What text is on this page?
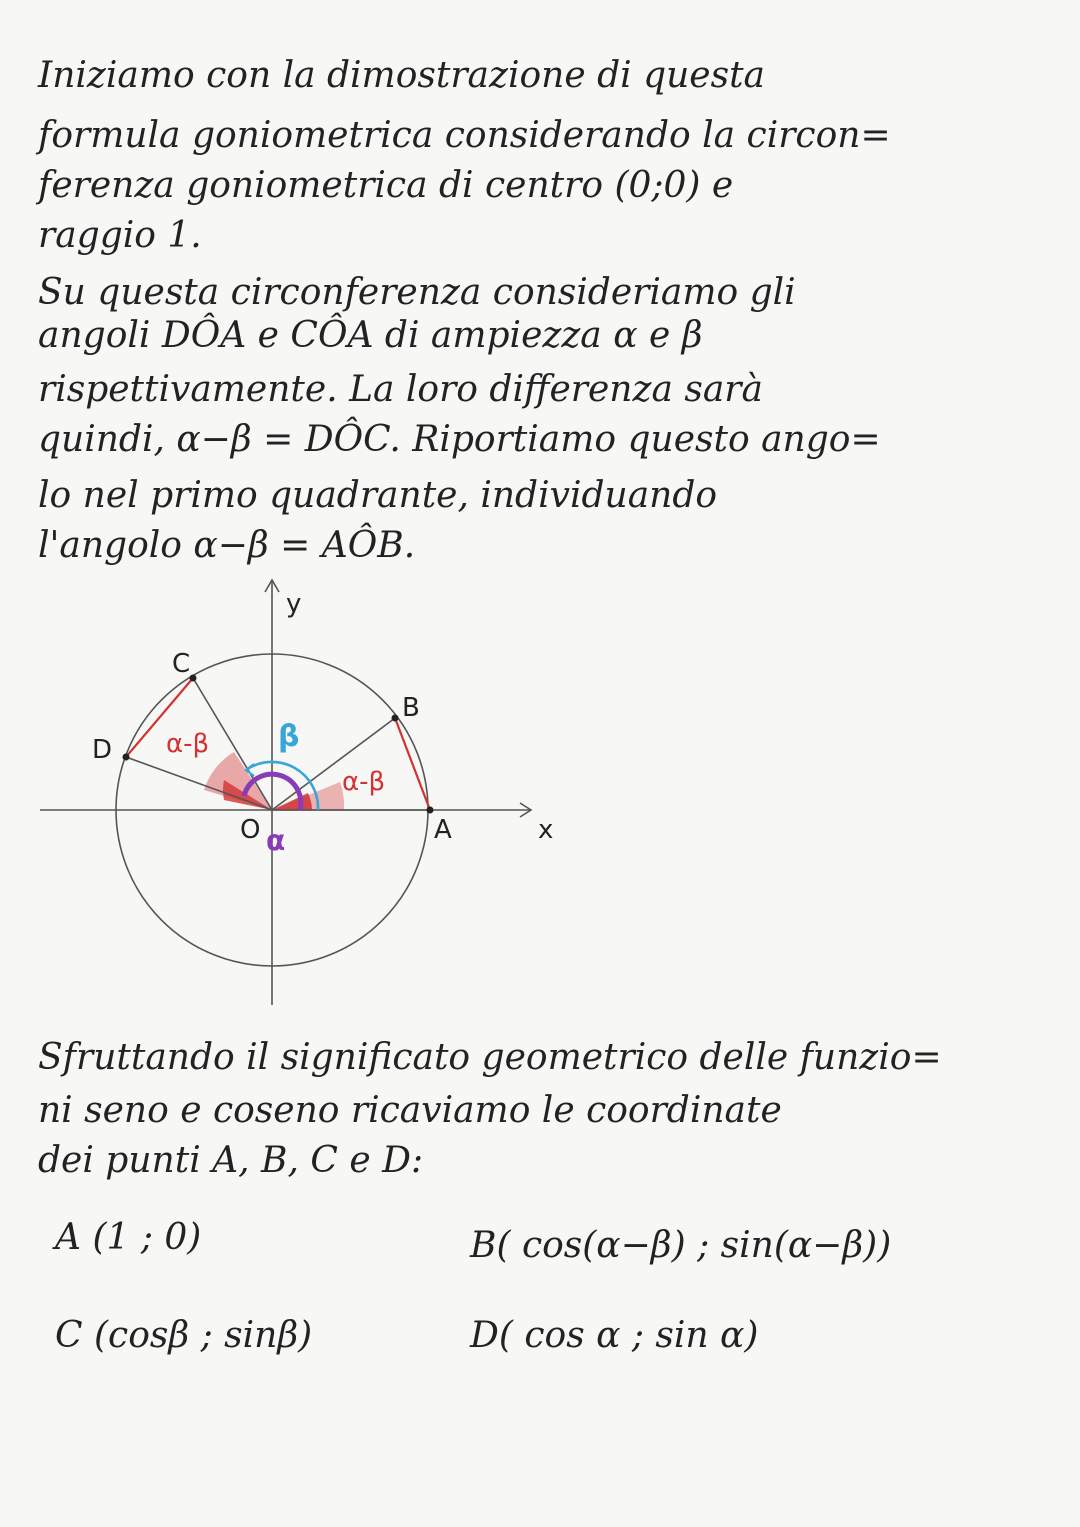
Iniziamo con la dimostrazione di questa
formula goniometrica considerando la circon=
ferenza goniometrica di centro (0;0) e
raggio 1.
Su questa circonferenza consideriamo gli
angoli DÔA e CÔA di ampiezza α e β
rispettivamente. La loro differenza sarà
quindi, α−β = DÔC. Riportiamo questo ango=
lo nel primo quadrante, individuando
l'angolo α−β = AÔB.
y
x
O	A
B
C
D α-β
α-β
β
α
Sfruttando il significato geometrico delle funzio=
ni seno e coseno ricaviamo le coordinate
dei punti A, B, C e D:
A (1 ; 0)	B( cos(α−β) ; sin(α−β))
C (cosβ ; sinβ)	D( cos α ; sin α)
